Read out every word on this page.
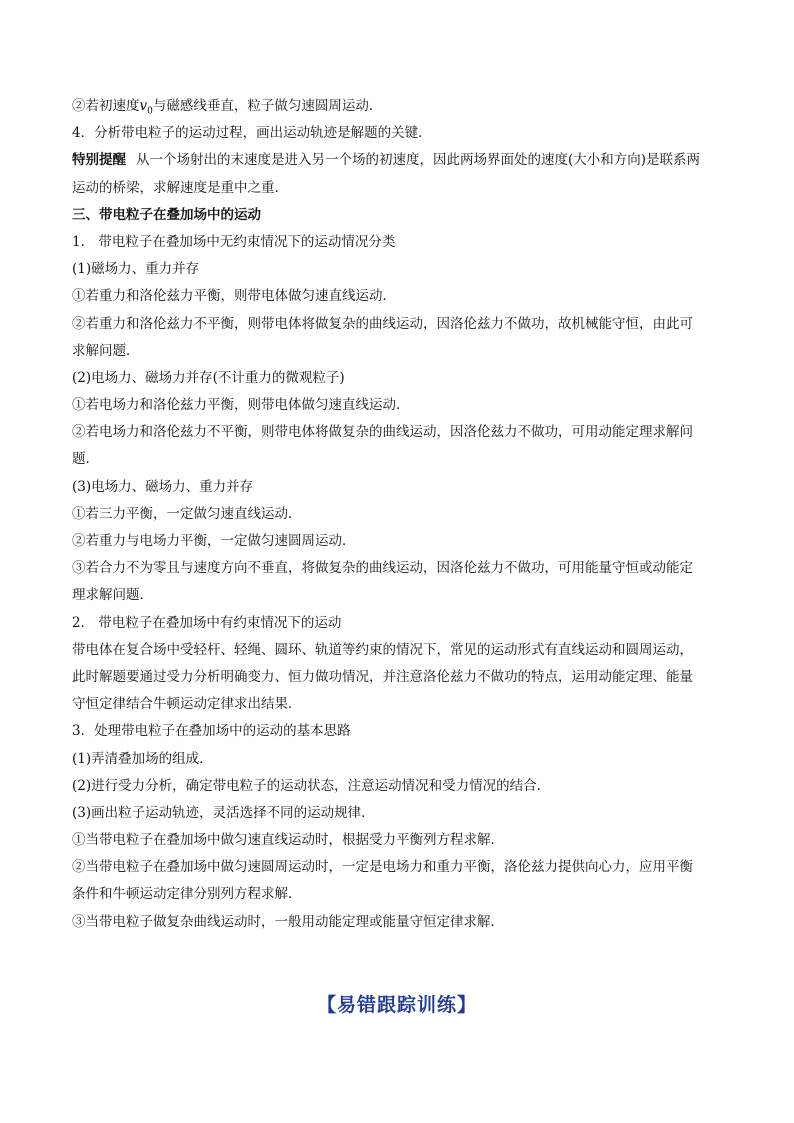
②若初速度$v_0$与磁感线垂直，粒子做匀速圆周运动．
4．分析带电粒子的运动过程，画出运动轨迹是解题的关键．
特别提醒 从一个场射出的末速度是进入另一个场的初速度，因此两场界面处的速度(大小和方向)是联系两
运动的桥梁，求解速度是重中之重．
三、带电粒子在叠加场中的运动
1． 带电粒子在叠加场中无约束情况下的运动情况分类
(1)磁场力、重力并存
①若重力和洛伦兹力平衡，则带电体做匀速直线运动．
②若重力和洛伦兹力不平衡，则带电体将做复杂的曲线运动，因洛伦兹力不做功，故机械能守恒，由此可
求解问题．
(2)电场力、磁场力并存(不计重力的微观粒子)
①若电场力和洛伦兹力平衡，则带电体做匀速直线运动．
②若电场力和洛伦兹力不平衡，则带电体将做复杂的曲线运动，因洛伦兹力不做功，可用动能定理求解问
题．
(3)电场力、磁场力、重力并存
①若三力平衡，一定做匀速直线运动．
②若重力与电场力平衡，一定做匀速圆周运动．
③若合力不为零且与速度方向不垂直，将做复杂的曲线运动，因洛伦兹力不做功，可用能量守恒或动能定
理求解问题．
2． 带电粒子在叠加场中有约束情况下的运动
带电体在复合场中受轻杆、轻绳、圆环、轨道等约束的情况下，常见的运动形式有直线运动和圆周运动，
此时解题要通过受力分析明确变力、恒力做功情况，并注意洛伦兹力不做功的特点，运用动能定理、能量
守恒定律结合牛顿运动定律求出结果．
3．处理带电粒子在叠加场中的运动的基本思路
(1)弄清叠加场的组成．
(2)进行受力分析，确定带电粒子的运动状态，注意运动情况和受力情况的结合．
(3)画出粒子运动轨迹，灵活选择不同的运动规律．
①当带电粒子在叠加场中做匀速直线运动时，根据受力平衡列方程求解．
②当带电粒子在叠加场中做匀速圆周运动时，一定是电场力和重力平衡，洛伦兹力提供向心力，应用平衡
条件和牛顿运动定律分别列方程求解．
③当带电粒子做复杂曲线运动时，一般用动能定理或能量守恒定律求解．
【易错跟踪训练】
